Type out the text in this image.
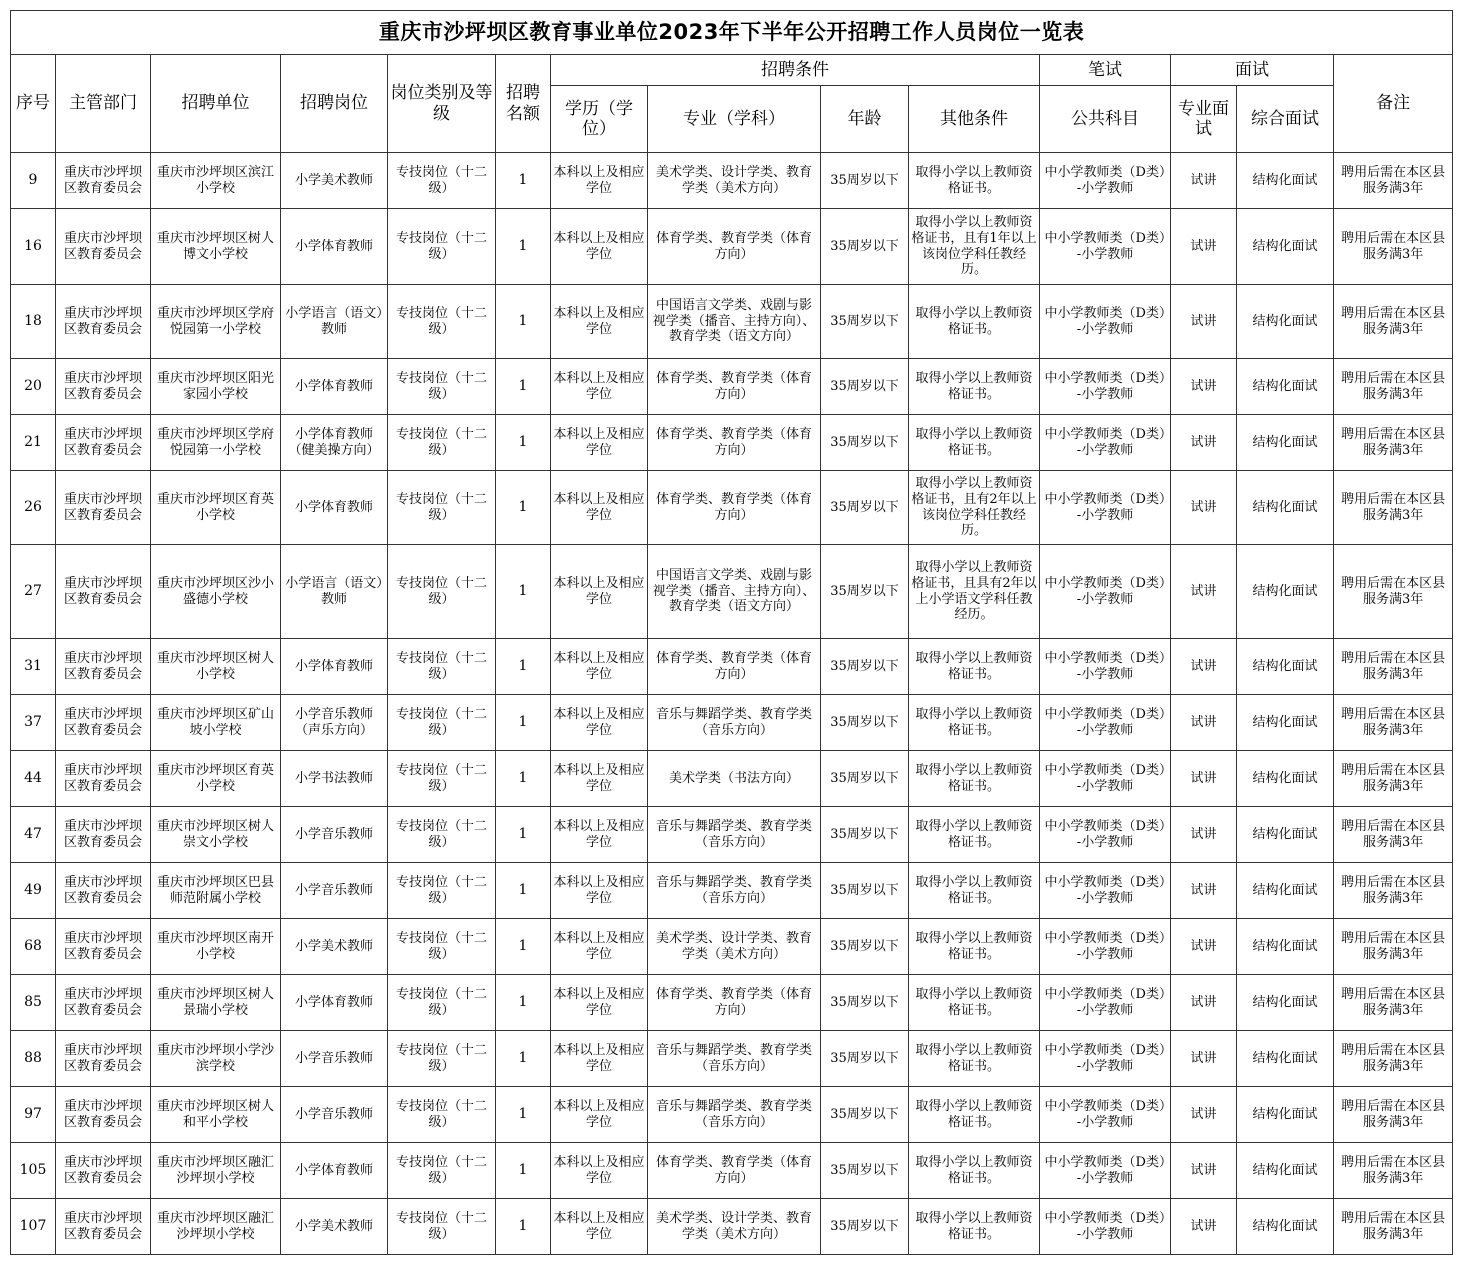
重庆市沙坪坝区教育事业单位2023年下半年公开招聘工作人员岗位一览表													
序号	主管部门	招聘单位	招聘岗位	岗位类别及等级	招聘名额	招聘条件				笔试	面试		备注
						学历（学位）	专业（学科）	年龄	其他条件	公共科目	专业面试	综合面试	
9	重庆市沙坪坝区教育委员会	重庆市沙坪坝区滨江小学校	小学美术教师	专技岗位（十二级）	1	本科以上及相应学位	美术学类、设计学类、教育学类（美术方向）	35周岁以下	取得小学以上教师资格证书。	中小学教师类（D类）-小学教师	试讲	结构化面试	聘用后需在本区县服务满3年
16	重庆市沙坪坝区教育委员会	重庆市沙坪坝区树人博文小学校	小学体育教师	专技岗位（十二级）	1	本科以上及相应学位	体育学类、教育学类（体育方向）	35周岁以下	取得小学以上教师资格证书，且有1年以上该岗位学科任教经历。	中小学教师类（D类）-小学教师	试讲	结构化面试	聘用后需在本区县服务满3年
18	重庆市沙坪坝区教育委员会	重庆市沙坪坝区学府悦园第一小学校	小学语言（语文）教师	专技岗位（十二级）	1	本科以上及相应学位	中国语言文学类、戏剧与影视学类（播音、主持方向）、教育学类（语文方向）	35周岁以下	取得小学以上教师资格证书。	中小学教师类（D类）-小学教师	试讲	结构化面试	聘用后需在本区县服务满3年
20	重庆市沙坪坝区教育委员会	重庆市沙坪坝区阳光家园小学校	小学体育教师	专技岗位（十二级）	1	本科以上及相应学位	体育学类、教育学类（体育方向）	35周岁以下	取得小学以上教师资格证书。	中小学教师类（D类）-小学教师	试讲	结构化面试	聘用后需在本区县服务满3年
21	重庆市沙坪坝区教育委员会	重庆市沙坪坝区学府悦园第一小学校	小学体育教师（健美操方向）	专技岗位（十二级）	1	本科以上及相应学位	体育学类、教育学类（体育方向）	35周岁以下	取得小学以上教师资格证书。	中小学教师类（D类）-小学教师	试讲	结构化面试	聘用后需在本区县服务满3年
26	重庆市沙坪坝区教育委员会	重庆市沙坪坝区育英小学校	小学体育教师	专技岗位（十二级）	1	本科以上及相应学位	体育学类、教育学类（体育方向）	35周岁以下	取得小学以上教师资格证书，且有2年以上该岗位学科任教经历。	中小学教师类（D类）-小学教师	试讲	结构化面试	聘用后需在本区县服务满3年
27	重庆市沙坪坝区教育委员会	重庆市沙坪坝区沙小盛德小学校	小学语言（语文）教师	专技岗位（十二级）	1	本科以上及相应学位	中国语言文学类、戏剧与影视学类（播音、主持方向）、教育学类（语文方向）	35周岁以下	取得小学以上教师资格证书，且具有2年以上小学语文学科任教经历。	中小学教师类（D类）-小学教师	试讲	结构化面试	聘用后需在本区县服务满3年
31	重庆市沙坪坝区教育委员会	重庆市沙坪坝区树人小学校	小学体育教师	专技岗位（十二级）	1	本科以上及相应学位	体育学类、教育学类（体育方向）	35周岁以下	取得小学以上教师资格证书。	中小学教师类（D类）-小学教师	试讲	结构化面试	聘用后需在本区县服务满3年
37	重庆市沙坪坝区教育委员会	重庆市沙坪坝区矿山坡小学校	小学音乐教师（声乐方向）	专技岗位（十二级）	1	本科以上及相应学位	音乐与舞蹈学类、教育学类（音乐方向）	35周岁以下	取得小学以上教师资格证书。	中小学教师类（D类）-小学教师	试讲	结构化面试	聘用后需在本区县服务满3年
44	重庆市沙坪坝区教育委员会	重庆市沙坪坝区育英小学校	小学书法教师	专技岗位（十二级）	1	本科以上及相应学位	美术学类（书法方向）	35周岁以下	取得小学以上教师资格证书。	中小学教师类（D类）-小学教师	试讲	结构化面试	聘用后需在本区县服务满3年
47	重庆市沙坪坝区教育委员会	重庆市沙坪坝区树人崇文小学校	小学音乐教师	专技岗位（十二级）	1	本科以上及相应学位	音乐与舞蹈学类、教育学类（音乐方向）	35周岁以下	取得小学以上教师资格证书。	中小学教师类（D类）-小学教师	试讲	结构化面试	聘用后需在本区县服务满3年
49	重庆市沙坪坝区教育委员会	重庆市沙坪坝区巴县师范附属小学校	小学音乐教师	专技岗位（十二级）	1	本科以上及相应学位	音乐与舞蹈学类、教育学类（音乐方向）	35周岁以下	取得小学以上教师资格证书。	中小学教师类（D类）-小学教师	试讲	结构化面试	聘用后需在本区县服务满3年
68	重庆市沙坪坝区教育委员会	重庆市沙坪坝区南开小学校	小学美术教师	专技岗位（十二级）	1	本科以上及相应学位	美术学类、设计学类、教育学类（美术方向）	35周岁以下	取得小学以上教师资格证书。	中小学教师类（D类）-小学教师	试讲	结构化面试	聘用后需在本区县服务满3年
85	重庆市沙坪坝区教育委员会	重庆市沙坪坝区树人景瑞小学校	小学体育教师	专技岗位（十二级）	1	本科以上及相应学位	体育学类、教育学类（体育方向）	35周岁以下	取得小学以上教师资格证书。	中小学教师类（D类）-小学教师	试讲	结构化面试	聘用后需在本区县服务满3年
88	重庆市沙坪坝区教育委员会	重庆市沙坪坝小学沙滨学校	小学音乐教师	专技岗位（十二级）	1	本科以上及相应学位	音乐与舞蹈学类、教育学类（音乐方向）	35周岁以下	取得小学以上教师资格证书。	中小学教师类（D类）-小学教师	试讲	结构化面试	聘用后需在本区县服务满3年
97	重庆市沙坪坝区教育委员会	重庆市沙坪坝区树人和平小学校	小学音乐教师	专技岗位（十二级）	1	本科以上及相应学位	音乐与舞蹈学类、教育学类（音乐方向）	35周岁以下	取得小学以上教师资格证书。	中小学教师类（D类）-小学教师	试讲	结构化面试	聘用后需在本区县服务满3年
105	重庆市沙坪坝区教育委员会	重庆市沙坪坝区融汇沙坪坝小学校	小学体育教师	专技岗位（十二级）	1	本科以上及相应学位	体育学类、教育学类（体育方向）	35周岁以下	取得小学以上教师资格证书。	中小学教师类（D类）-小学教师	试讲	结构化面试	聘用后需在本区县服务满3年
107	重庆市沙坪坝区教育委员会	重庆市沙坪坝区融汇沙坪坝小学校	小学美术教师	专技岗位（十二级）	1	本科以上及相应学位	美术学类、设计学类、教育学类（美术方向）	35周岁以下	取得小学以上教师资格证书。	中小学教师类（D类）-小学教师	试讲	结构化面试	聘用后需在本区县服务满3年
